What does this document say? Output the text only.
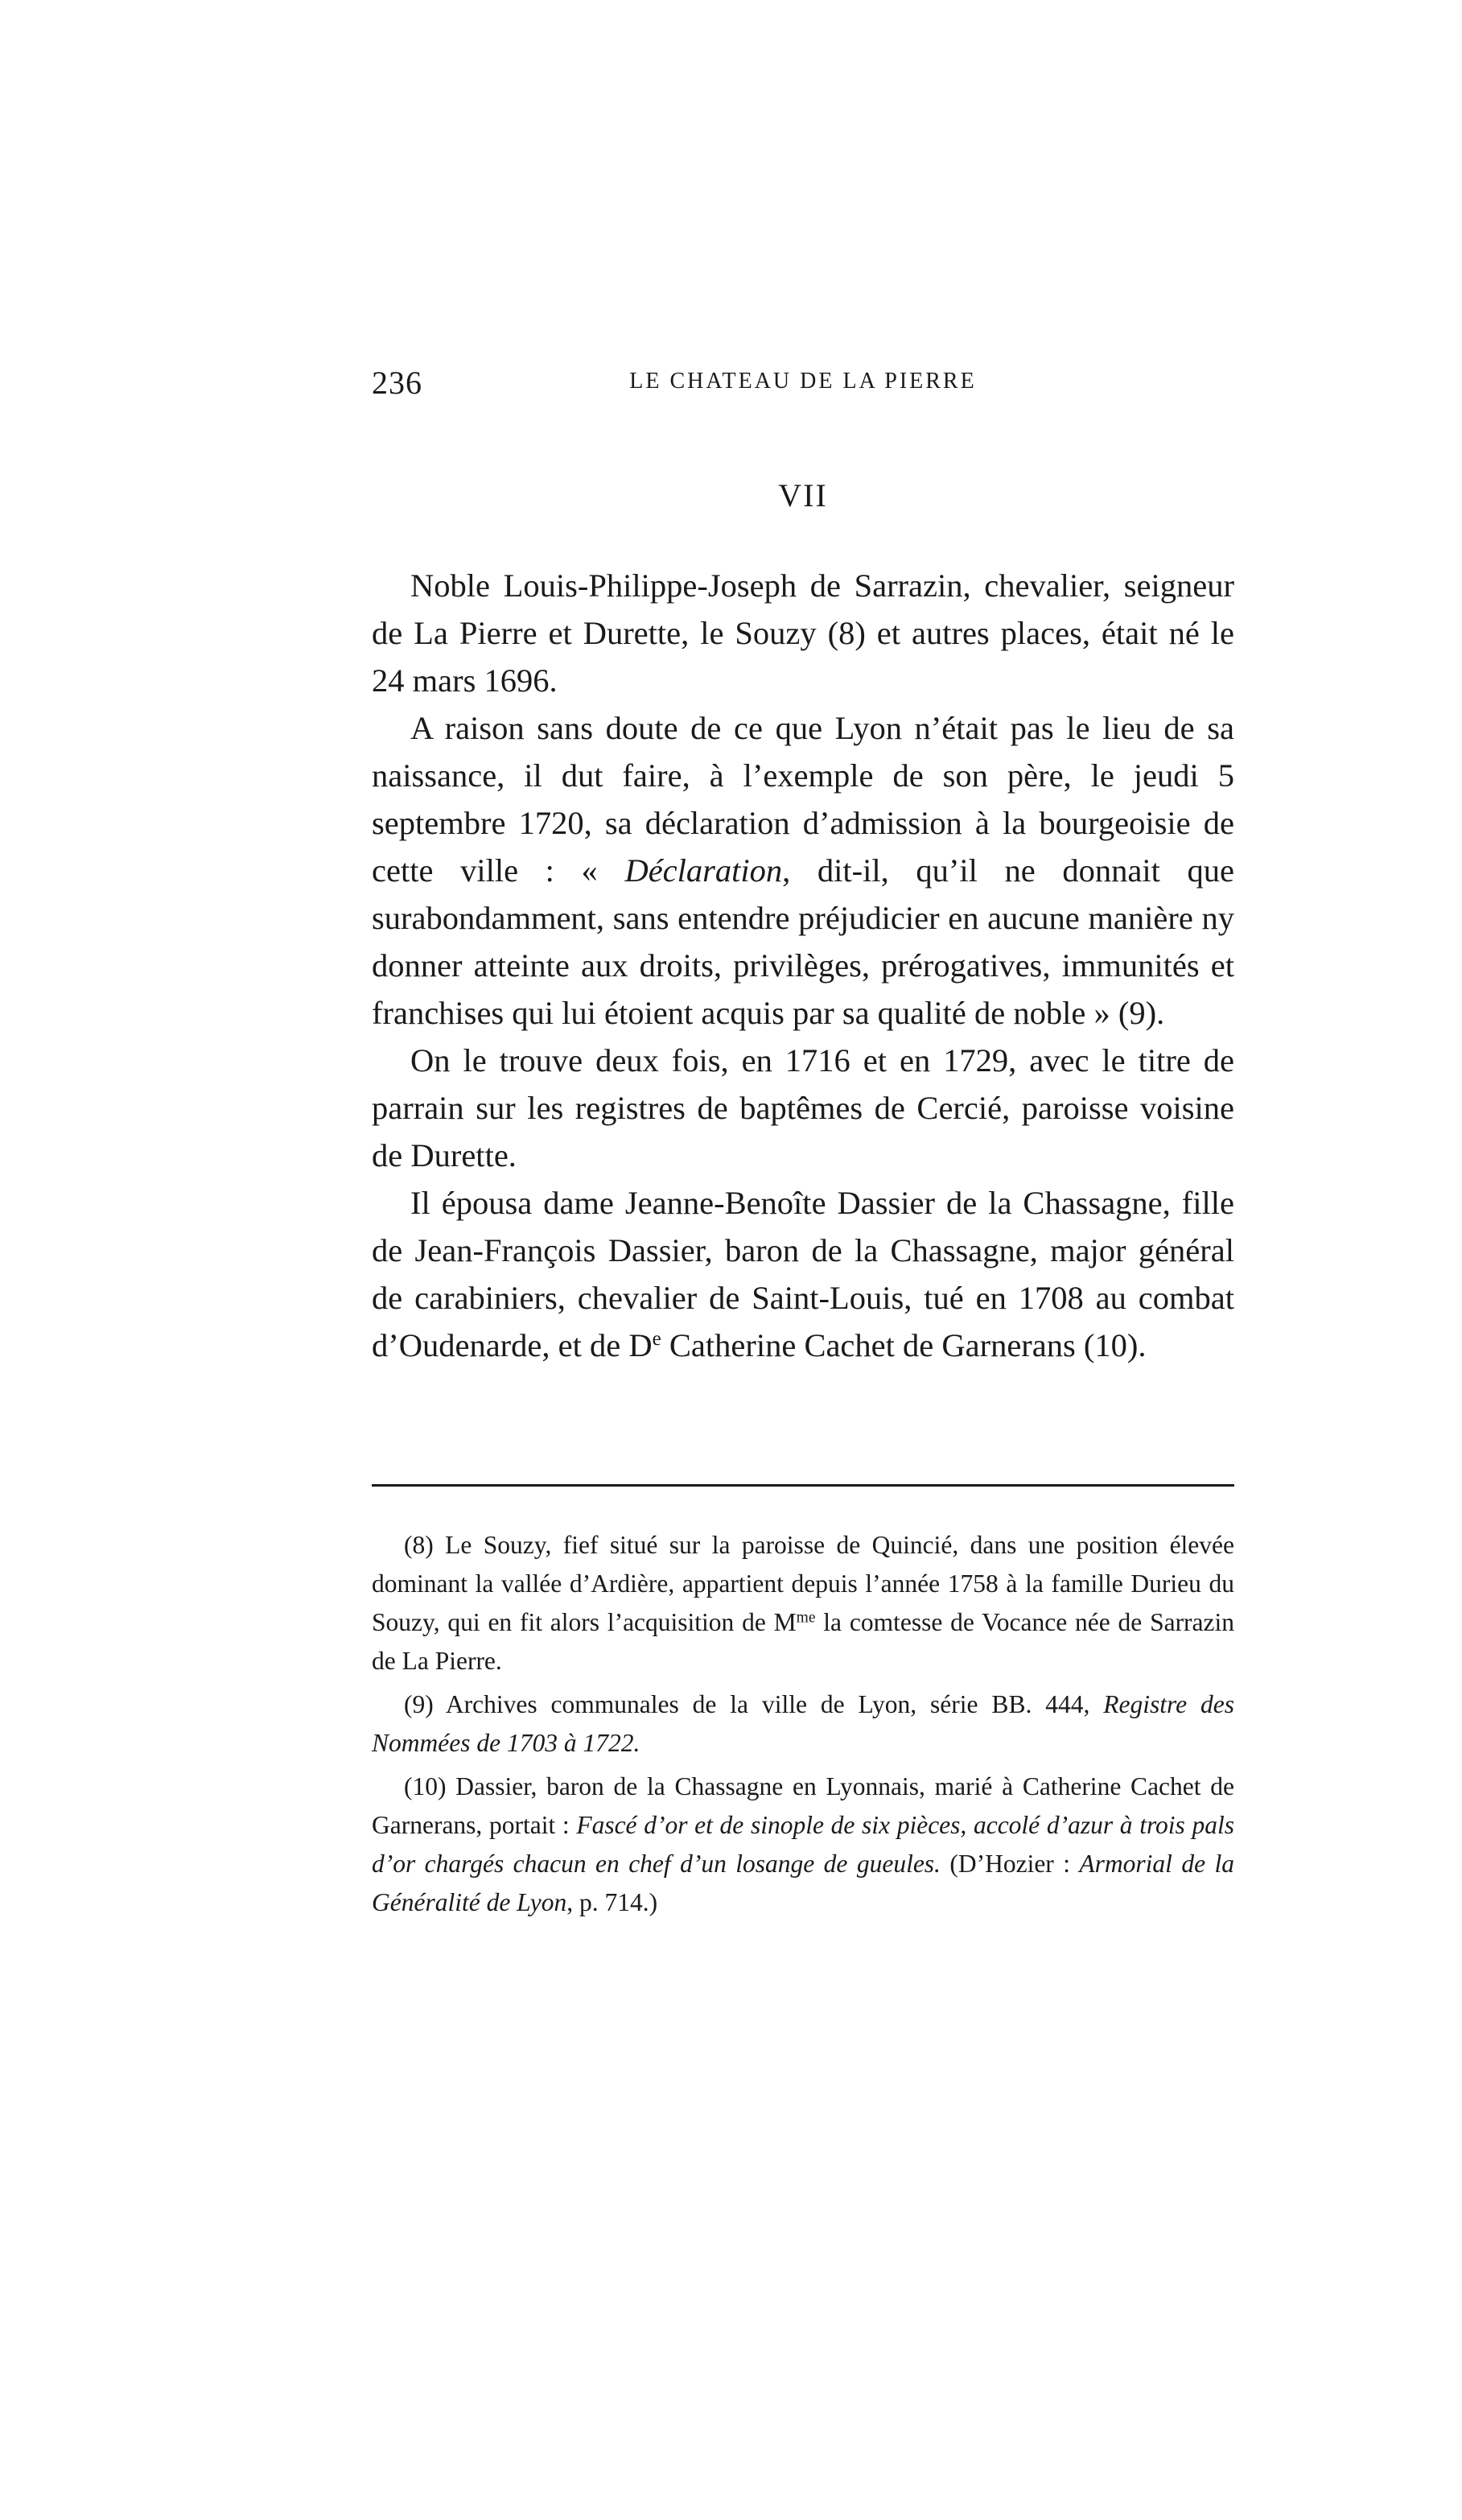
236	LE CHATEAU DE LA PIERRE
VII

Noble Louis-Philippe-Joseph de Sarrazin, chevalier, seigneur de La Pierre et Durette, le Souzy (8) et autres places, était né le 24 mars 1696.

A raison sans doute de ce que Lyon n’était pas le lieu de sa naissance, il dut faire, à l’exemple de son père, le jeudi 5 septembre 1720, sa déclaration d’admission à la bourgeoisie de cette ville : « Déclaration, dit-il, qu’il ne donnait que surabondamment, sans entendre préjudicier en aucune manière ny donner atteinte aux droits, privilèges, prérogatives, immunités et franchises qui lui étoient acquis par sa qualité de noble » (9).

On le trouve deux fois, en 1716 et en 1729, avec le titre de parrain sur les registres de baptêmes de Cercié, paroisse voisine de Durette.

Il épousa dame Jeanne-Benoîte Dassier de la Chassagne, fille de Jean-François Dassier, baron de la Chassagne, major général de carabiniers, chevalier de Saint-Louis, tué en 1708 au combat d’Oudenarde, et de De Catherine Cachet de Garnerans (10).

(8) Le Souzy, fief situé sur la paroisse de Quincié, dans une position élevée dominant la vallée d’Ardière, appartient depuis l’année 1758 à la famille Durieu du Souzy, qui en fit alors l’acquisition de $M^{me}$ la comtesse de Vocance née de Sarrazin de La Pierre.

(9) Archives communales de la ville de Lyon, série BB. 444, Registre des Nommées de 1703 à 1722.

(10) Dassier, baron de la Chassagne en Lyonnais, marié à Catherine Cachet de Garnerans, portait : Fascé d’or et de sinople de six pièces, accolé d’azur à trois pals d’or chargés chacun en chef d’un losange de gueules. (D’Hozier : Armorial de la Généralité de Lyon, p. 714.)
